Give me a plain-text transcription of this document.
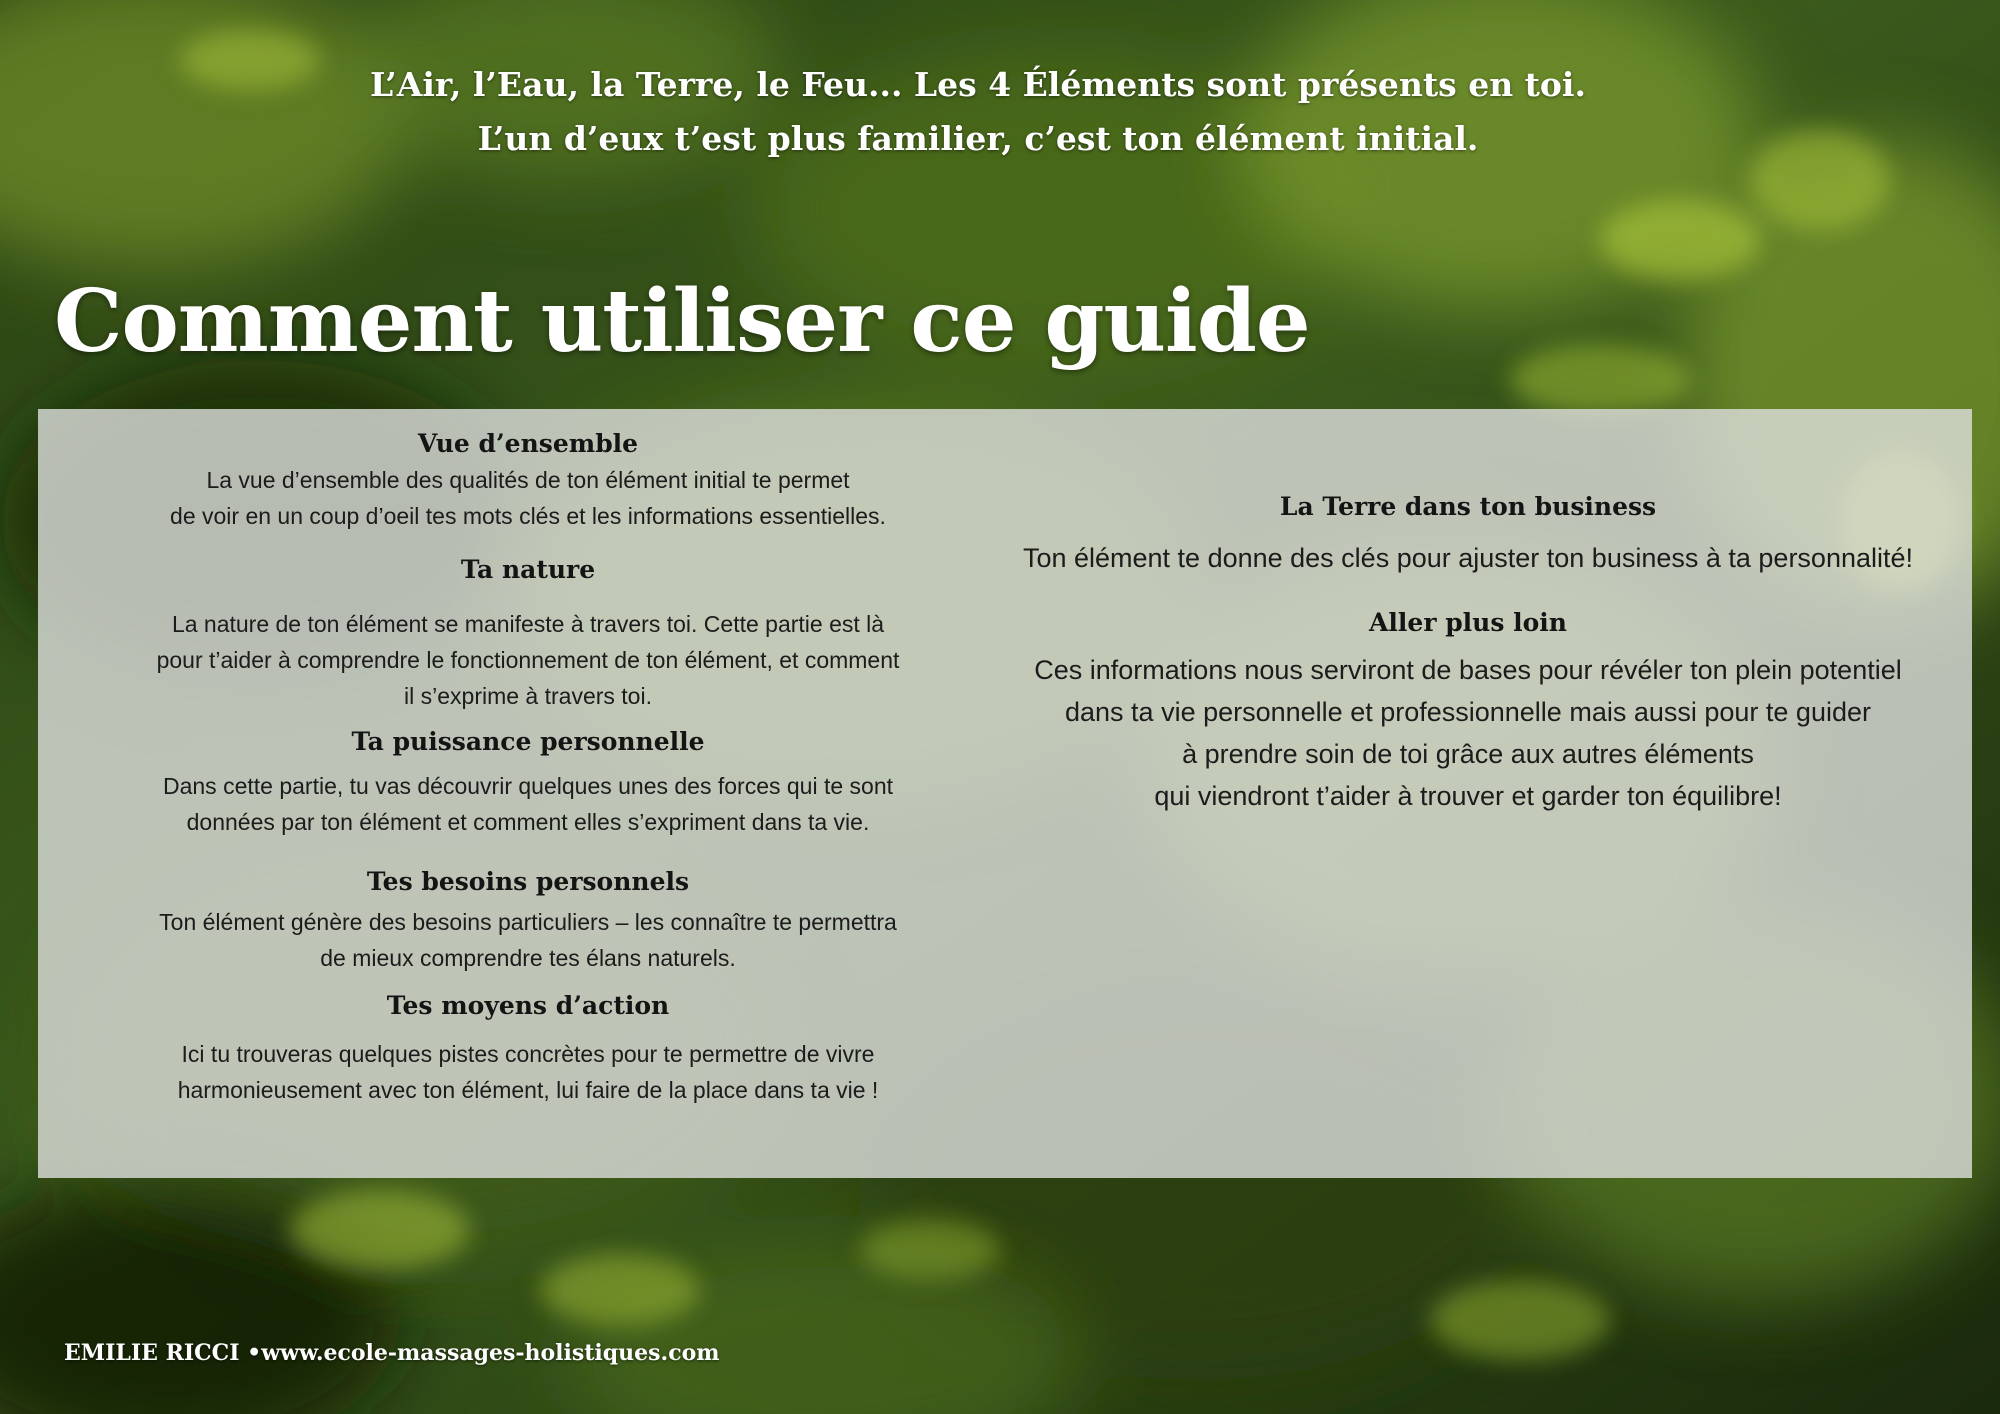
L’Air, l’Eau, la Terre, le Feu... Les 4 Éléments sont présents en toi.
L’un d’eux t’est plus familier, c’est ton élément initial.
Comment utiliser ce guide
Vue d’ensemble

La vue d’ensemble des qualités de ton élément initial te permet
de voir en un coup d’oeil tes mots clés et les informations essentielles.

Ta nature

La nature de ton élément se manifeste à travers toi. Cette partie est là
pour t’aider à comprendre le fonctionnement de ton élément, et comment
il s’exprime à travers toi.

Ta puissance personnelle

Dans cette partie, tu vas découvrir quelques unes des forces qui te sont
données par ton élément et comment elles s’expriment dans ta vie.

Tes besoins personnels

Ton élément génère des besoins particuliers – les connaître te permettra
de mieux comprendre tes élans naturels.

Tes moyens d’action

Ici tu trouveras quelques pistes concrètes pour te permettre de vivre
harmonieusement avec ton élément, lui faire de la place dans ta vie !

La Terre dans ton business

Ton élément te donne des clés pour ajuster ton business à ta personnalité!

Aller plus loin

Ces informations nous serviront de bases pour révéler ton plein potentiel
dans ta vie personnelle et professionnelle mais aussi pour te guider
à prendre soin de toi grâce aux autres éléments
qui viendront t’aider à trouver et garder ton équilibre!

EMILIE RICCI •www.ecole-massages-holistiques.com
